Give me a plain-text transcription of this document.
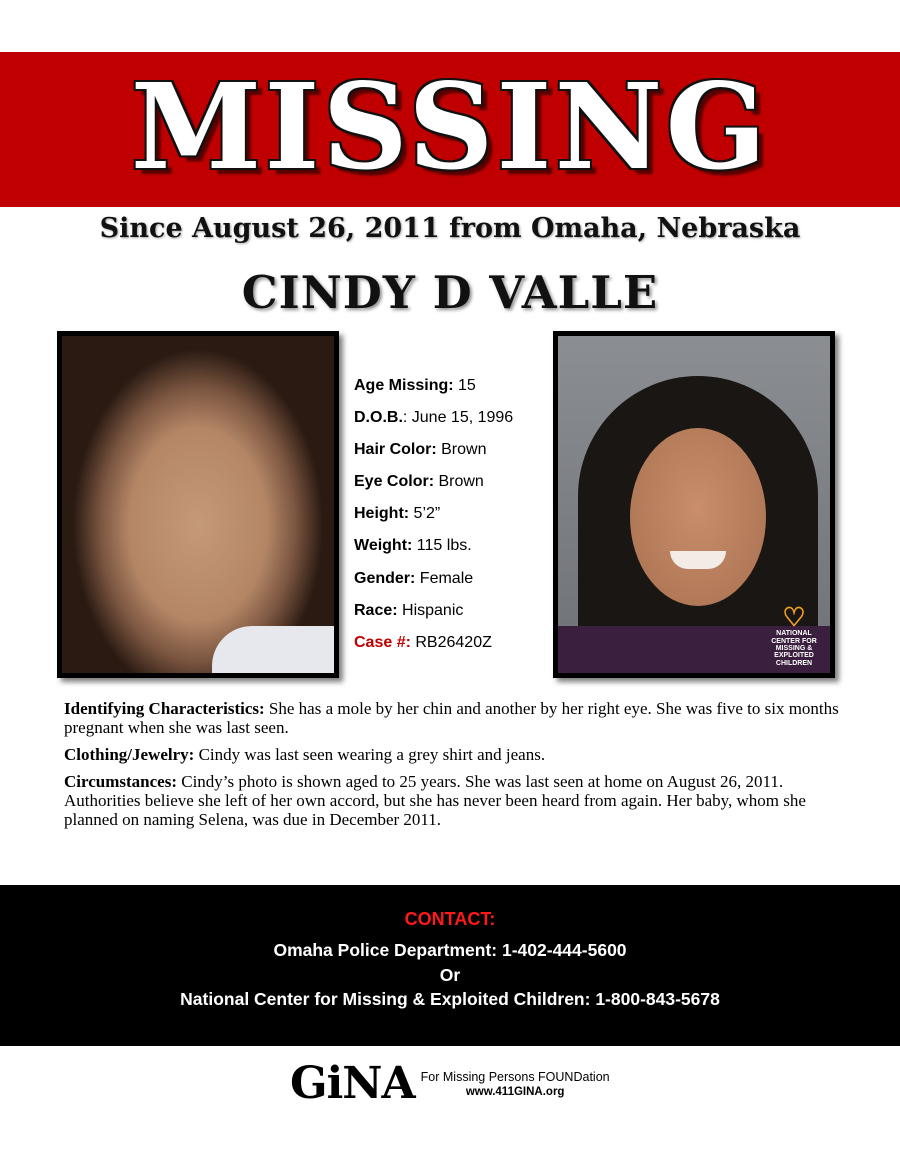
MISSING
Since August 26, 2011 from Omaha, Nebraska
CINDY D VALLE
♡
NATIONAL CENTER FOR
MISSING &
EXPLOITED
CHILDREN
Age Missing: 15
D.O.B.: June 15, 1996
Hair Color: Brown
Eye Color: Brown
Height: 5’2”
Weight: 115 lbs.
Gender: Female
Race: Hispanic
Case #: RB26420Z

Identifying Characteristics: She has a mole by her chin and another by her right eye. She was five to six months pregnant when she was last seen.

Clothing/Jewelry: Cindy was last seen wearing a grey shirt and jeans.

Circumstances: Cindy’s photo is shown aged to 25 years. She was last seen at home on August 26, 2011. Authorities believe she left of her own accord, but she has never been heard from again. Her baby, whom she planned on naming Selena, was due in December 2011.

CONTACT:
Omaha Police Department: 1-402-444-5600
Or
National Center for Missing & Exploited Children: 1-800-843-5678
GiNA For Missing Persons FOUNDation
www.411GINA.org
